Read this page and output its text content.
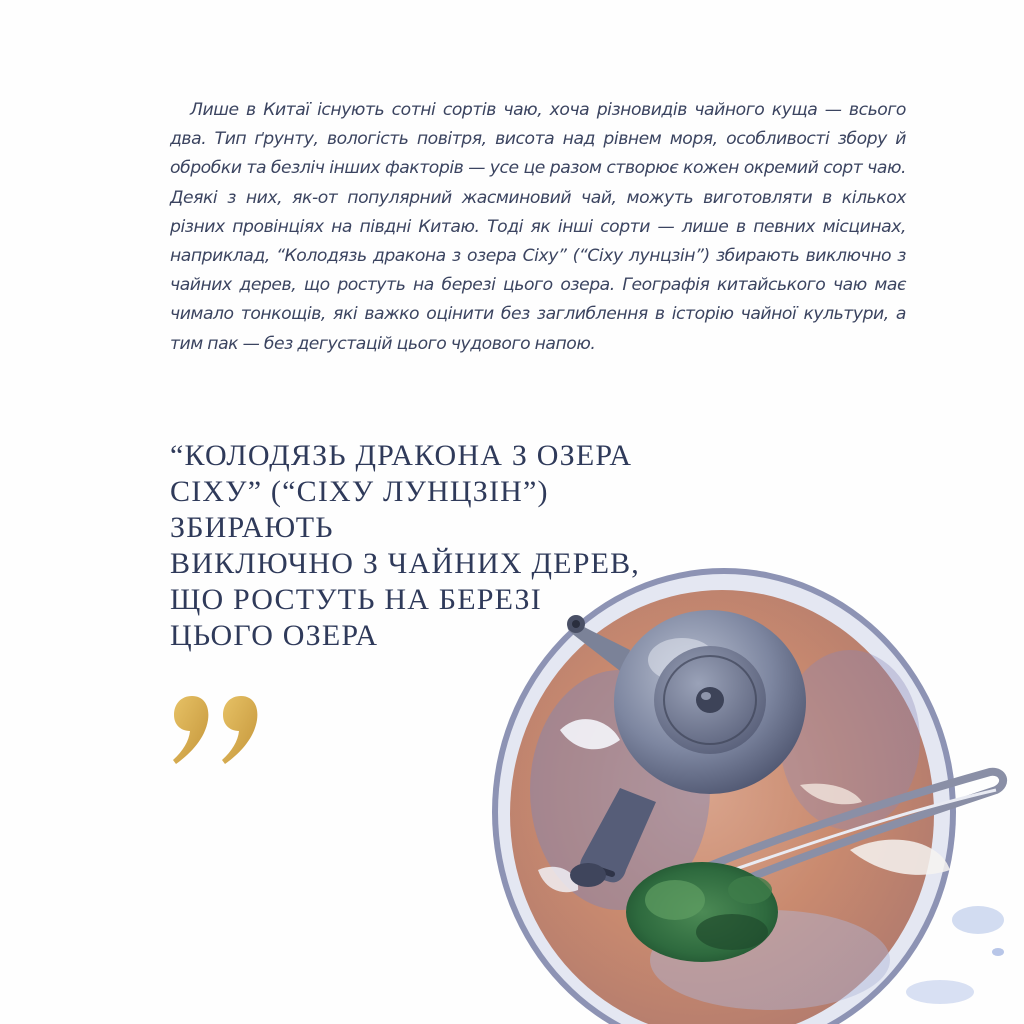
Лише в Китаї існують сотні сортів чаю, хоча різновидів чайного куща — всього два. Тип ґрунту, вологість повітря, висота над рівнем моря, особливості збору й обробки та безліч інших факторів — усе це разом створює кожен окремий сорт чаю. Деякі з них, як-от популярний жасминовий чай, можуть виготовляти в кількох різних провінціях на півдні Китаю. Тоді як інші сорти — лише в певних місцинах, наприклад, “Колодязь дракона з озера Сіху” (“Сіху лунцзін”) збирають виключно з чайних дерев, що ростуть на березі цього озера. Географія китайського чаю має чимало тонкощів, які важко оцінити без заглиблення в історію чайної культури, а тим пак — без дегустацій цього чудового напою.

“КОЛОДЯЗЬ ДРАКОНА З ОЗЕРА
СІХУ” (“СІХУ ЛУНЦЗІН”) ЗБИРАЮТЬ
ВИКЛЮЧНО З ЧАЙНИХ ДЕРЕВ,
ЩО РОСТУТЬ НА БЕРЕЗІ
ЦЬОГО ОЗЕРА
